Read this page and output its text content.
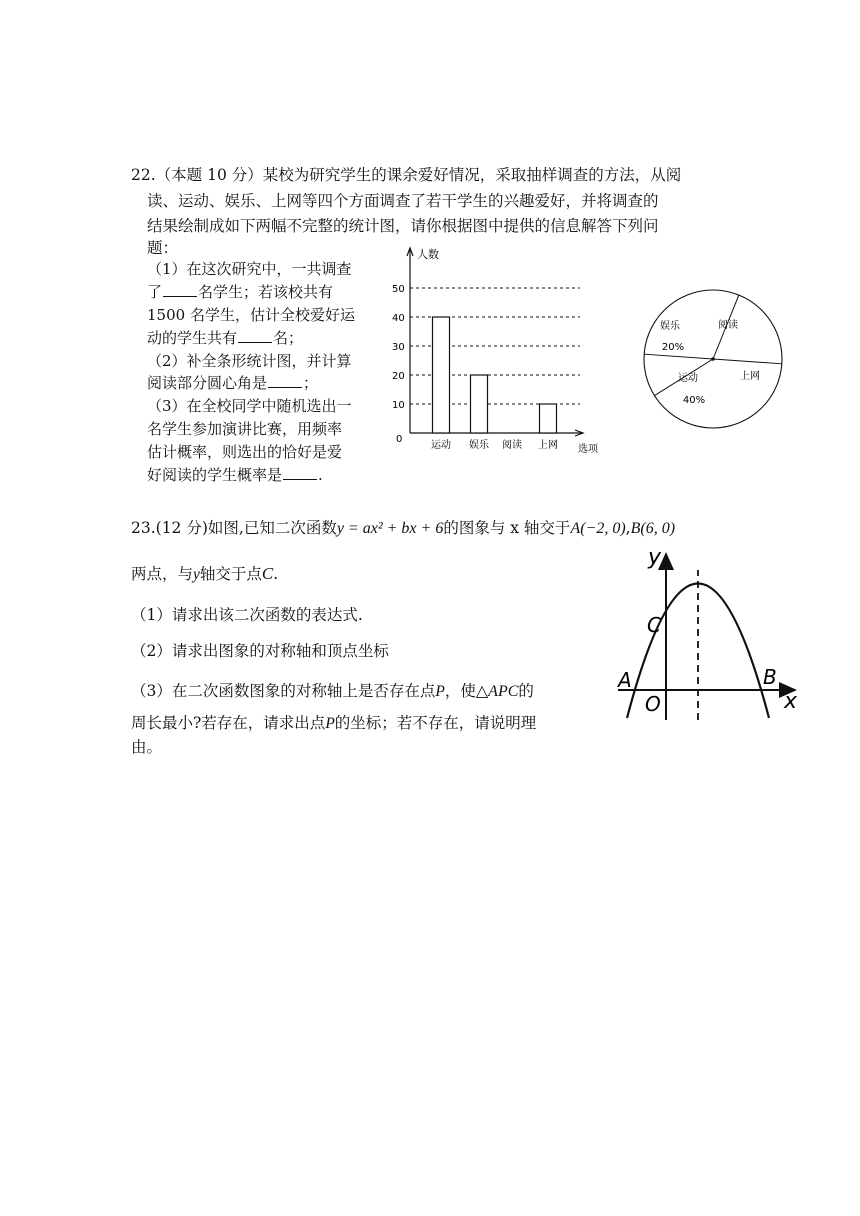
22.（本题 10 分）某校为研究学生的课余爱好情况，采取抽样调查的方法，从阅
读、运动、娱乐、上网等四个方面调查了若干学生的兴趣爱好，并将调查的
结果绘制成如下两幅不完整的统计图，请你根据图中提供的信息解答下列问
题：
（1）在这次研究中，一共调查
了 名学生；若该校共有
1500 名学生，估计全校爱好运
动的学生共有 名；
（2）补全条形统计图，并计算
阅读部分圆心角是 ；
（3）在全校同学中随机选出一
名学生参加演讲比赛，用频率
估计概率，则选出的恰好是爱
好阅读的学生概率是 .
0
10
20
30
40
50
人数
选项
运动 娱乐 阅读 上网
娱乐
20%
运动
40%
上网
阅读
23.(12 分)如图,已知二次函数y = ax² + bx + 6的图象与 x 轴交于A(−2, 0),B(6, 0)
两点，与y轴交于点C.
（1）请求出该二次函数的表达式.
（2）请求出图象的对称轴和顶点坐标
（3）在二次函数图象的对称轴上是否存在点P，使△APC的
周长最小?若存在，请求出点P的坐标；若不存在，请说明理
由。
y
x
C
A	B
O
